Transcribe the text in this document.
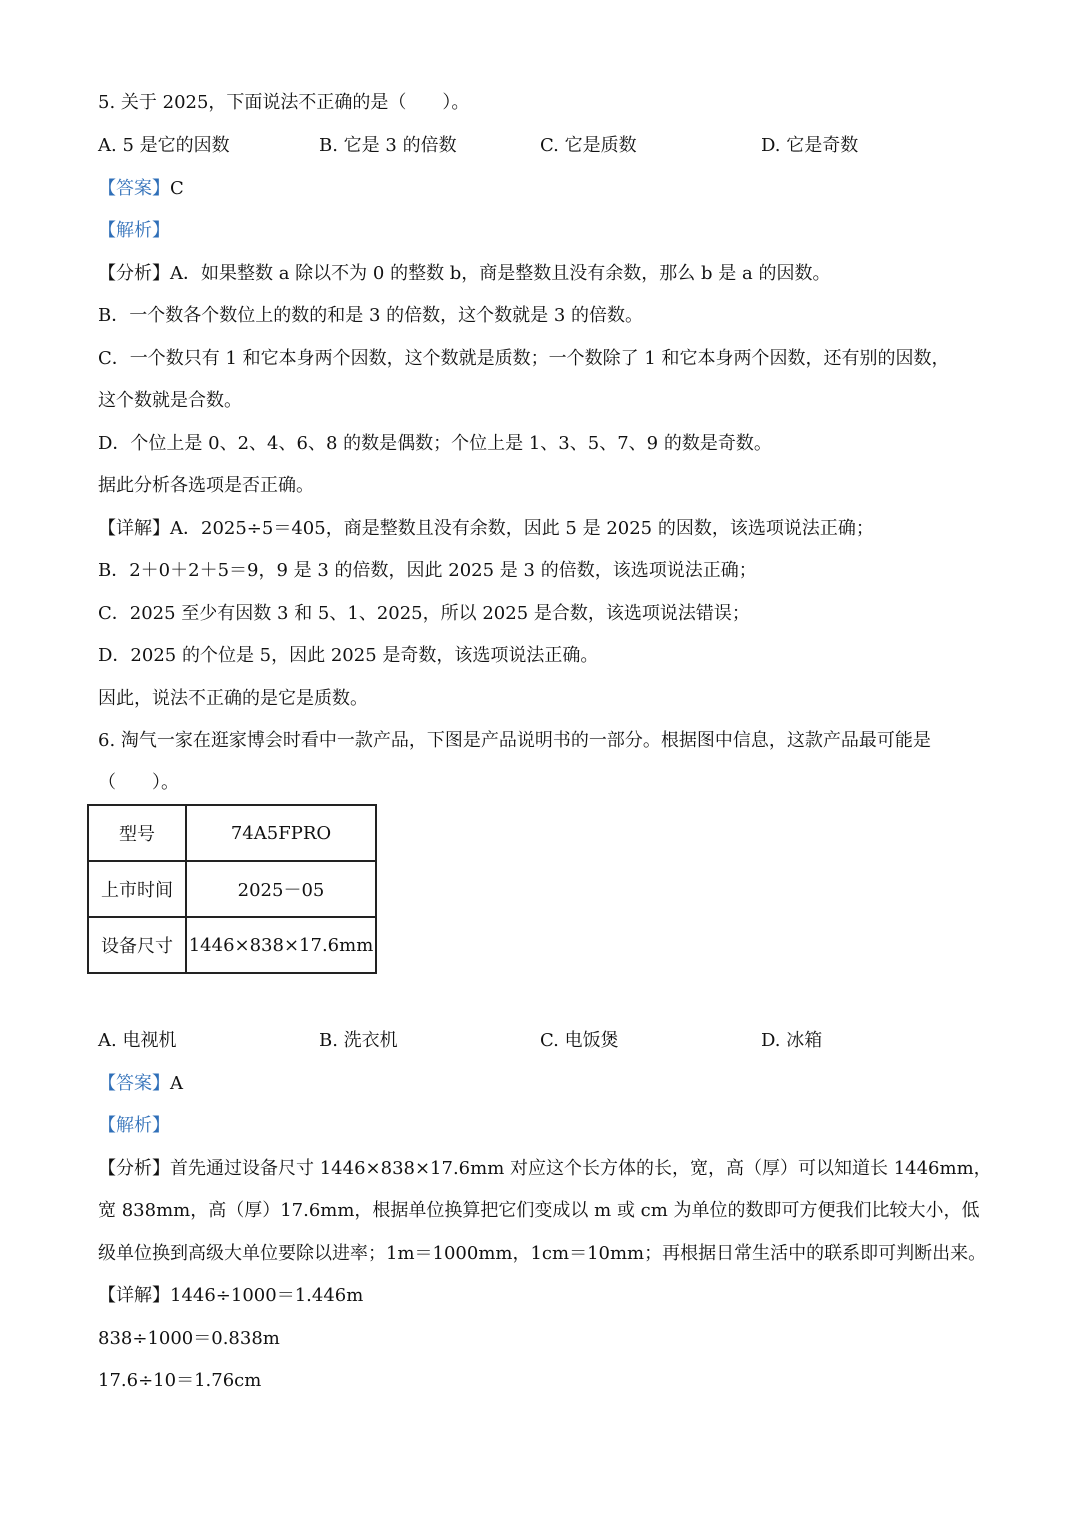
5. 关于 2025，下面说法不正确的是（　　）。
A. 5 是它的因数	B. 它是 3 的倍数	C. 它是质数	D. 它是奇数
【答案】C
【解析】
【分析】A．如果整数 a 除以不为 0 的整数 b，商是整数且没有余数，那么 b 是 a 的因数。
B．一个数各个数位上的数的和是 3 的倍数，这个数就是 3 的倍数。
C．一个数只有 1 和它本身两个因数，这个数就是质数；一个数除了 1 和它本身两个因数，还有别的因数，
这个数就是合数。
D．个位上是 0、2、4、6、8 的数是偶数；个位上是 1、3、5、7、9 的数是奇数。
据此分析各选项是否正确。
【详解】A．2025÷5＝405，商是整数且没有余数，因此 5 是 2025 的因数，该选项说法正确；
B．2＋0＋2＋5＝9，9 是 3 的倍数，因此 2025 是 3 的倍数，该选项说法正确；
C．2025 至少有因数 3 和 5、1、2025，所以 2025 是合数，该选项说法错误；
D．2025 的个位是 5，因此 2025 是奇数，该选项说法正确。
因此，说法不正确的是它是质数。
6. 淘气一家在逛家博会时看中一款产品，下图是产品说明书的一部分。根据图中信息，这款产品最可能是
（　　）。
型号	74A5FPRO
上市时间	2025－05
设备尺寸	1446×838×17.6mm
A. 电视机	B. 洗衣机	C. 电饭煲	D. 冰箱
【答案】A
【解析】
【分析】首先通过设备尺寸 1446×838×17.6mm 对应这个长方体的长，宽，高（厚）可以知道长 1446mm，
宽 838mm，高（厚）17.6mm，根据单位换算把它们变成以 m 或 cm 为单位的数即可方便我们比较大小，低
级单位换到高级大单位要除以进率；1m＝1000mm，1cm＝10mm；再根据日常生活中的联系即可判断出来。
【详解】1446÷1000＝1.446m
838÷1000＝0.838m
17.6÷10＝1.76cm
